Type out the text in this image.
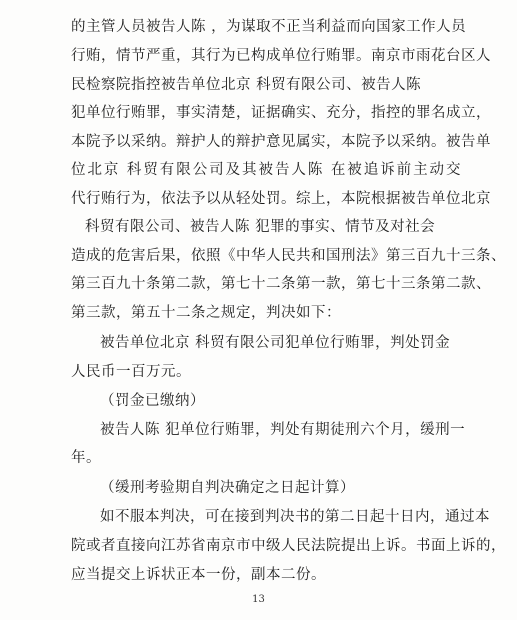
的主管人员被告人陈 ，为谋取不正当利益而向国家工作人员
行贿，情节严重，其行为已构成单位行贿罪。南京市雨花台区人
民检察院指控被告单位北京 科贸有限公司、被告人陈
犯单位行贿罪，事实清楚，证据确实、充分，指控的罪名成立，
本院予以采纳。辩护人的辩护意见属实，本院予以采纳。被告单
位北京 科贸有限公司及其被告人陈 在被追诉前主动交
代行贿行为，依法予以从轻处罚。综上，本院根据被告单位北京
科贸有限公司、被告人陈 犯罪的事实、情节及对社会
造成的危害后果，依照《中华人民共和国刑法》第三百九十三条、
第三百九十条第二款，第七十二条第一款，第七十三条第二款、
第三款，第五十二条之规定，判决如下：
被告单位北京 科贸有限公司犯单位行贿罪，判处罚金
人民币一百万元。
（罚金已缴纳）
被告人陈 犯单位行贿罪，判处有期徒刑六个月，缓刑一
年。
（缓刑考验期自判决确定之日起计算）
如不服本判决，可在接到判决书的第二日起十日内，通过本
院或者直接向江苏省南京市中级人民法院提出上诉。书面上诉的，
应当提交上诉状正本一份，副本二份。
13
